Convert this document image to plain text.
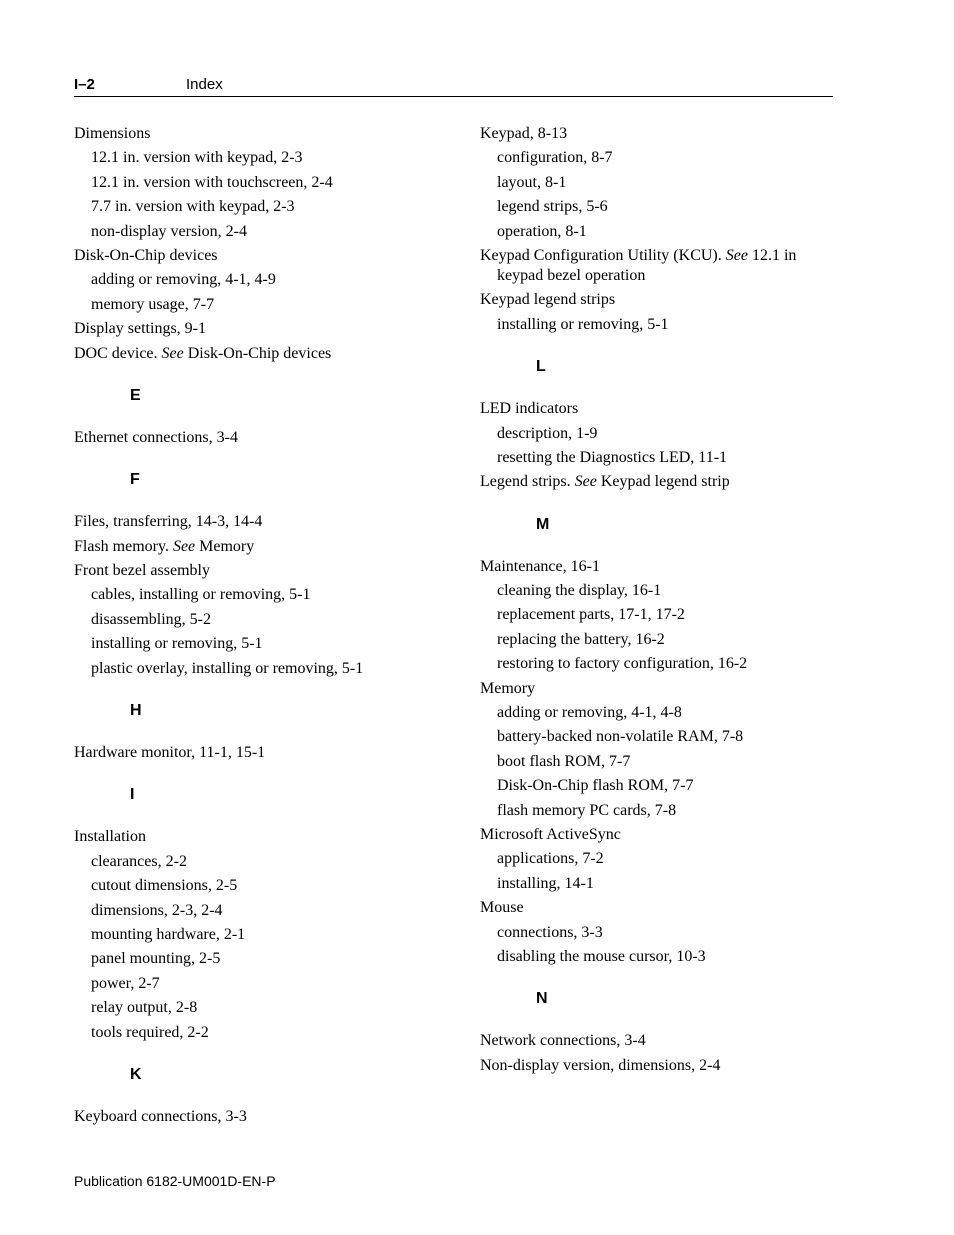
I–2	Index
Dimensions
12.1 in. version with keypad, 2-3
12.1 in. version with touchscreen, 2-4
7.7 in. version with keypad, 2-3
non-display version, 2-4
Disk-On-Chip devices
adding or removing, 4-1, 4-9
memory usage, 7-7
Display settings, 9-1
DOC device. See Disk-On-Chip devices
E
Ethernet connections, 3-4
F
Files, transferring, 14-3, 14-4
Flash memory. See Memory
Front bezel assembly
cables, installing or removing, 5-1
disassembling, 5-2
installing or removing, 5-1
plastic overlay, installing or removing, 5-1
H
Hardware monitor, 11-1, 15-1
I
Installation
clearances, 2-2
cutout dimensions, 2-5
dimensions, 2-3, 2-4
mounting hardware, 2-1
panel mounting, 2-5
power, 2-7
relay output, 2-8
tools required, 2-2
K
Keyboard connections, 3-3
Keypad, 8-13
configuration, 8-7
layout, 8-1
legend strips, 5-6
operation, 8-1
Keypad Configuration Utility (KCU). See 12.1 in keypad bezel operation
Keypad legend strips
installing or removing, 5-1
L
LED indicators
description, 1-9
resetting the Diagnostics LED, 11-1
Legend strips. See Keypad legend strip
M
Maintenance, 16-1
cleaning the display, 16-1
replacement parts, 17-1, 17-2
replacing the battery, 16-2
restoring to factory configuration, 16-2
Memory
adding or removing, 4-1, 4-8
battery-backed non-volatile RAM, 7-8
boot flash ROM, 7-7
Disk-On-Chip flash ROM, 7-7
flash memory PC cards, 7-8
Microsoft ActiveSync
applications, 7-2
installing, 14-1
Mouse
connections, 3-3
disabling the mouse cursor, 10-3
N
Network connections, 3-4
Non-display version, dimensions, 2-4
Publication 6182-UM001D-EN-P
